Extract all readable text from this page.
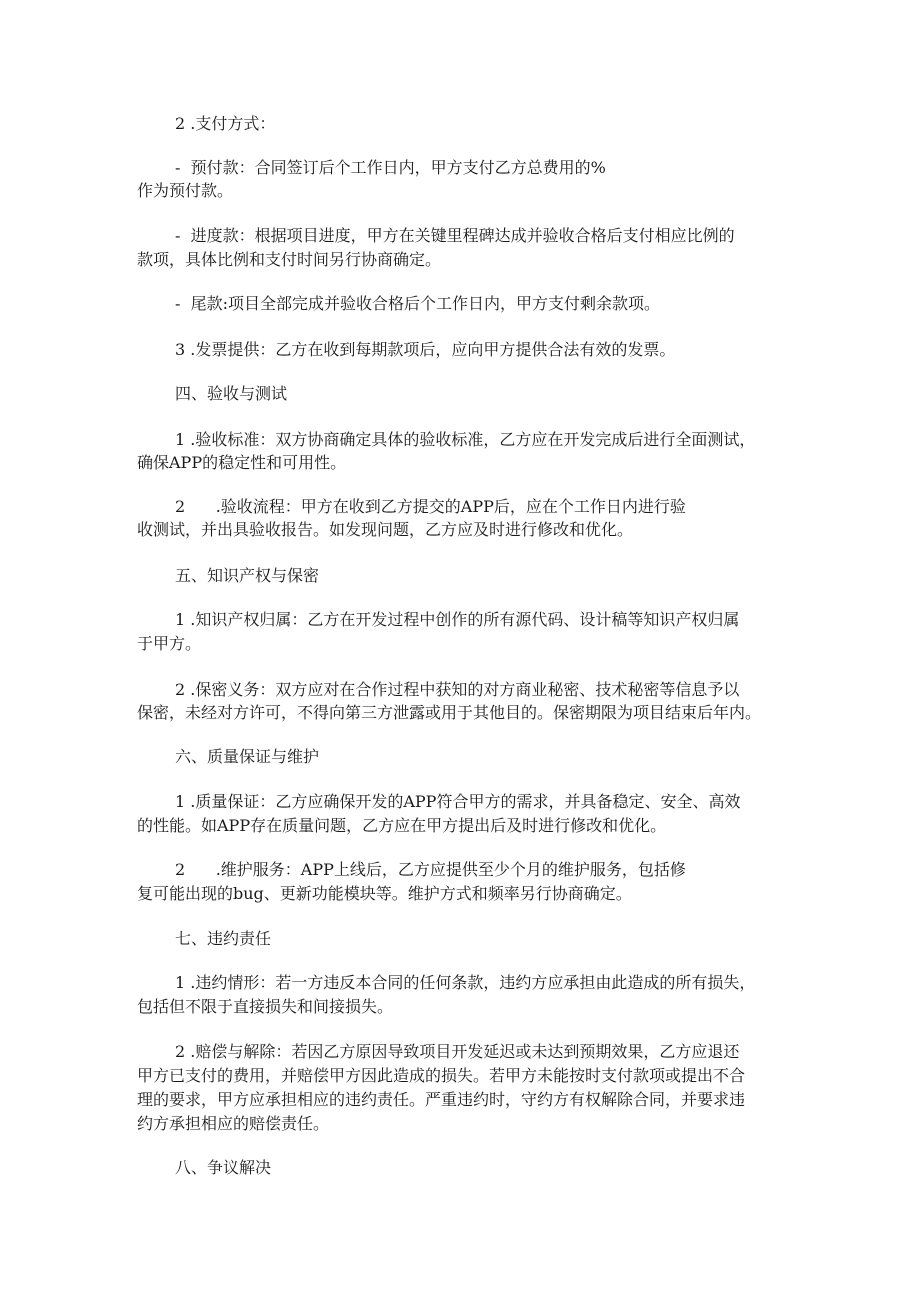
2 .支付方式：
-  预付款：合同签订后个工作日内，甲方支付乙方总费用的%
作为预付款。
-  进度款：根据项目进度，甲方在关键里程碑达成并验收合格后支付相应比例的
款项，具体比例和支付时间另行协商确定。
-  尾款:项目全部完成并验收合格后个工作日内，甲方支付剩余款项。
3 .发票提供：乙方在收到每期款项后，应向甲方提供合法有效的发票。
四、验收与测试
1 .验收标准：双方协商确定具体的验收标准，乙方应在开发完成后进行全面测试，
确保APP的稳定性和可用性。
2      .验收流程：甲方在收到乙方提交的APP后，应在个工作日内进行验
收测试，并出具验收报告。如发现问题，乙方应及时进行修改和优化。
五、知识产权与保密
1 .知识产权归属：乙方在开发过程中创作的所有源代码、设计稿等知识产权归属
于甲方。
2 .保密义务：双方应对在合作过程中获知的对方商业秘密、技术秘密等信息予以
保密，未经对方许可，不得向第三方泄露或用于其他目的。保密期限为项目结束后年内。
六、质量保证与维护
1 .质量保证：乙方应确保开发的APP符合甲方的需求，并具备稳定、安全、高效
的性能。如APP存在质量问题，乙方应在甲方提出后及时进行修改和优化。
2      .维护服务：APP上线后，乙方应提供至少个月的维护服务，包括修
复可能出现的bug、更新功能模块等。维护方式和频率另行协商确定。
七、违约责任
1 .违约情形：若一方违反本合同的任何条款，违约方应承担由此造成的所有损失，
包括但不限于直接损失和间接损失。
2 .赔偿与解除：若因乙方原因导致项目开发延迟或未达到预期效果，乙方应退还
甲方已支付的费用，并赔偿甲方因此造成的损失。若甲方未能按时支付款项或提出不合
理的要求，甲方应承担相应的违约责任。严重违约时，守约方有权解除合同，并要求违
约方承担相应的赔偿责任。
八、争议解决
